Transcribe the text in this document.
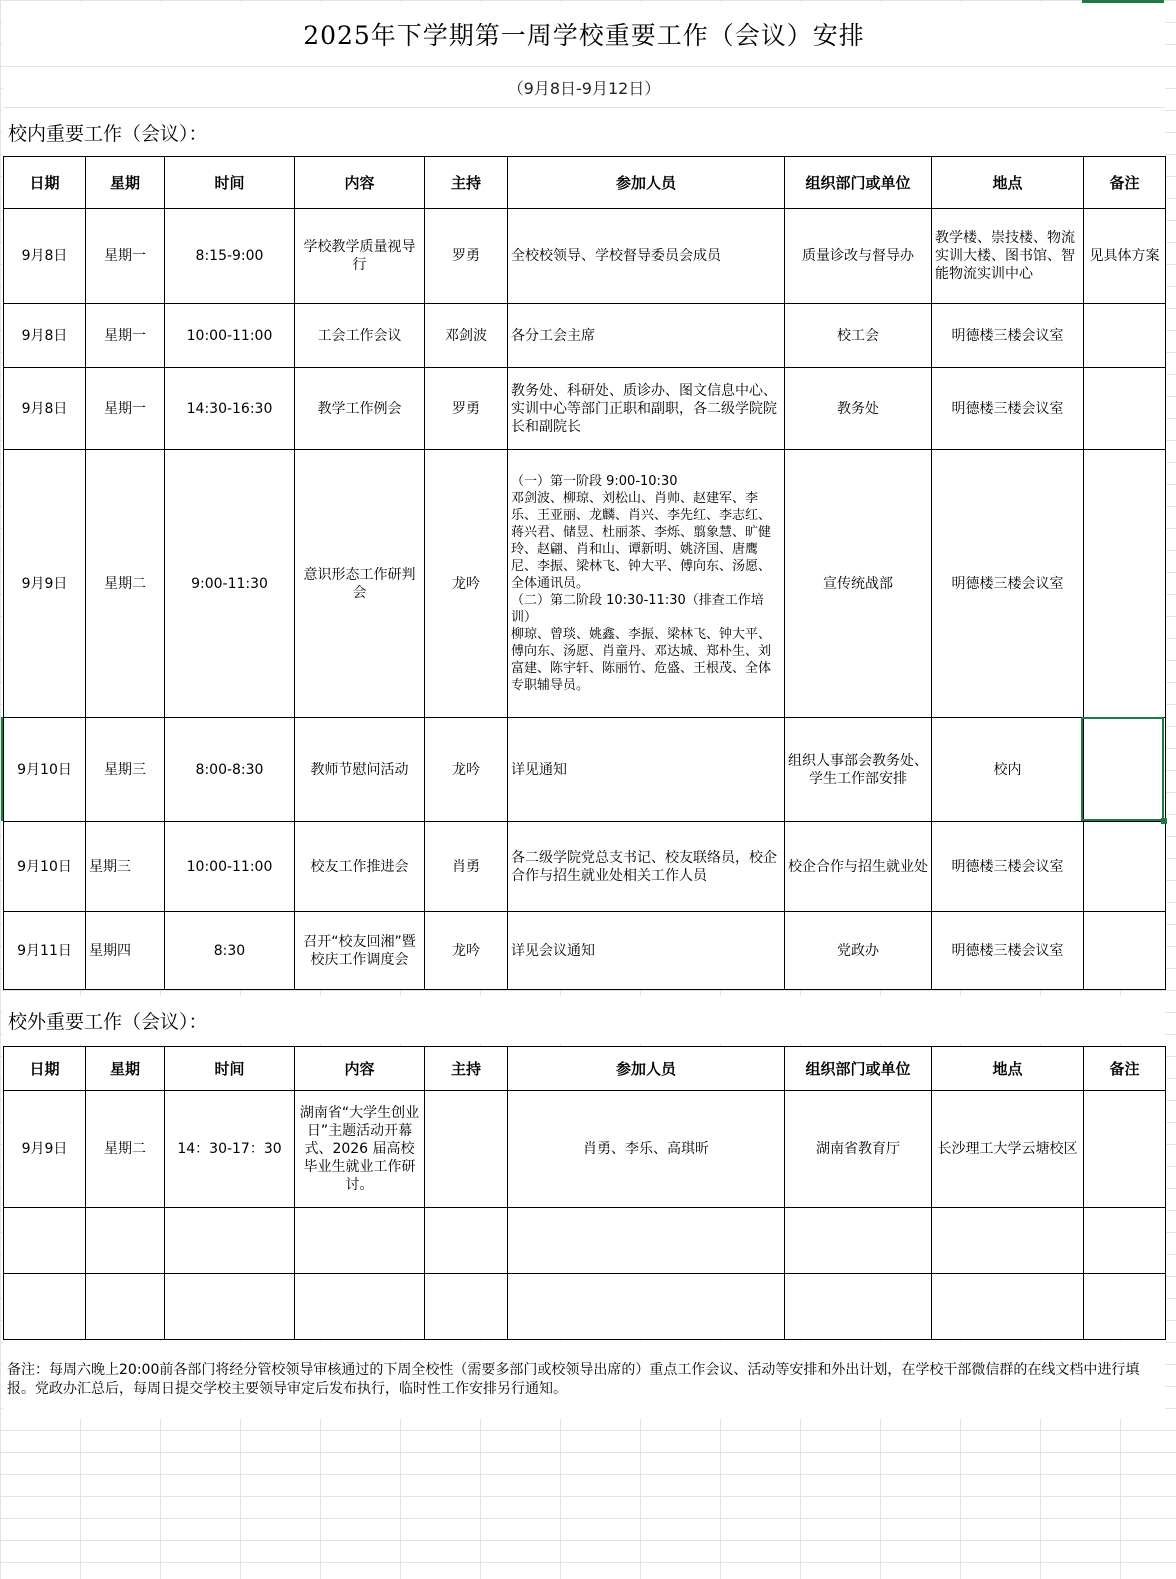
2025年下学期第一周学校重要工作（会议）安排
（9月8日-9月12日）
校内重要工作（会议）：
日期	星期	时间	内容	主持	参加人员	组织部门或单位	地点	备注
9月8日	星期一	8:15-9:00	学校教学质量视导行	罗勇	全校校领导、学校督导委员会成员	质量诊改与督导办	教学楼、崇技楼、物流实训大楼、图书馆、智能物流实训中心	见具体方案
9月8日	星期一	10:00-11:00	工会工作会议	邓剑波	各分工会主席	校工会	明德楼三楼会议室	
9月8日	星期一	14:30-16:30	教学工作例会	罗勇	教务处、科研处、质诊办、图文信息中心、实训中心等部门正职和副职，各二级学院院长和副院长	教务处	明德楼三楼会议室	
9月9日	星期二	9:00-11:30	意识形态工作研判会	龙吟	（一）第一阶段 9:00-10:30
邓剑波、柳琼、刘松山、肖帅、赵建军、李乐、王亚丽、龙麟、肖兴、李先红、李志红、蒋兴君、储昱、杜丽茶、李烁、翦象慧、旷健玲、赵翩、肖和山、谭新明、姚济国、唐鹰尼、李振、梁林飞、钟大平、傅向东、汤愿、全体通讯员。
（二）第二阶段 10:30-11:30（排查工作培训）
柳琼、曾琰、姚鑫、李振、梁林飞、钟大平、傅向东、汤愿、肖童丹、邓达城、郑朴生、刘富建、陈宇轩、陈丽竹、危盛、王根茂、全体专职辅导员。	宣传统战部	明德楼三楼会议室	
9月10日	星期三	8:00-8:30	教师节慰问活动	龙吟	详见通知	组织人事部会教务处、学生工作部安排	校内	
9月10日	星期三	10:00-11:00	校友工作推进会	肖勇	各二级学院党总支书记、校友联络员，校企合作与招生就业处相关工作人员	校企合作与招生就业处	明德楼三楼会议室	
9月11日	星期四	8:30	召开“校友回湘”暨校庆工作调度会	龙吟	详见会议通知	党政办	明德楼三楼会议室	
校外重要工作（会议）：
日期	星期	时间	内容	主持	参加人员	组织部门或单位	地点	备注
9月9日	星期二	14：30-17：30	湖南省“大学生创业日”主题活动开幕式、2026 届高校毕业生就业工作研讨。		肖勇、李乐、高琪昕	湖南省教育厅	长沙理工大学云塘校区	

备注：每周六晚上20:00前各部门将经分管校领导审核通过的下周全校性（需要多部门或校领导出席的）重点工作会议、活动等安排和外出计划，在学校干部微信群的在线文档中进行填报。党政办汇总后，每周日提交学校主要领导审定后发布执行，临时性工作安排另行通知。
